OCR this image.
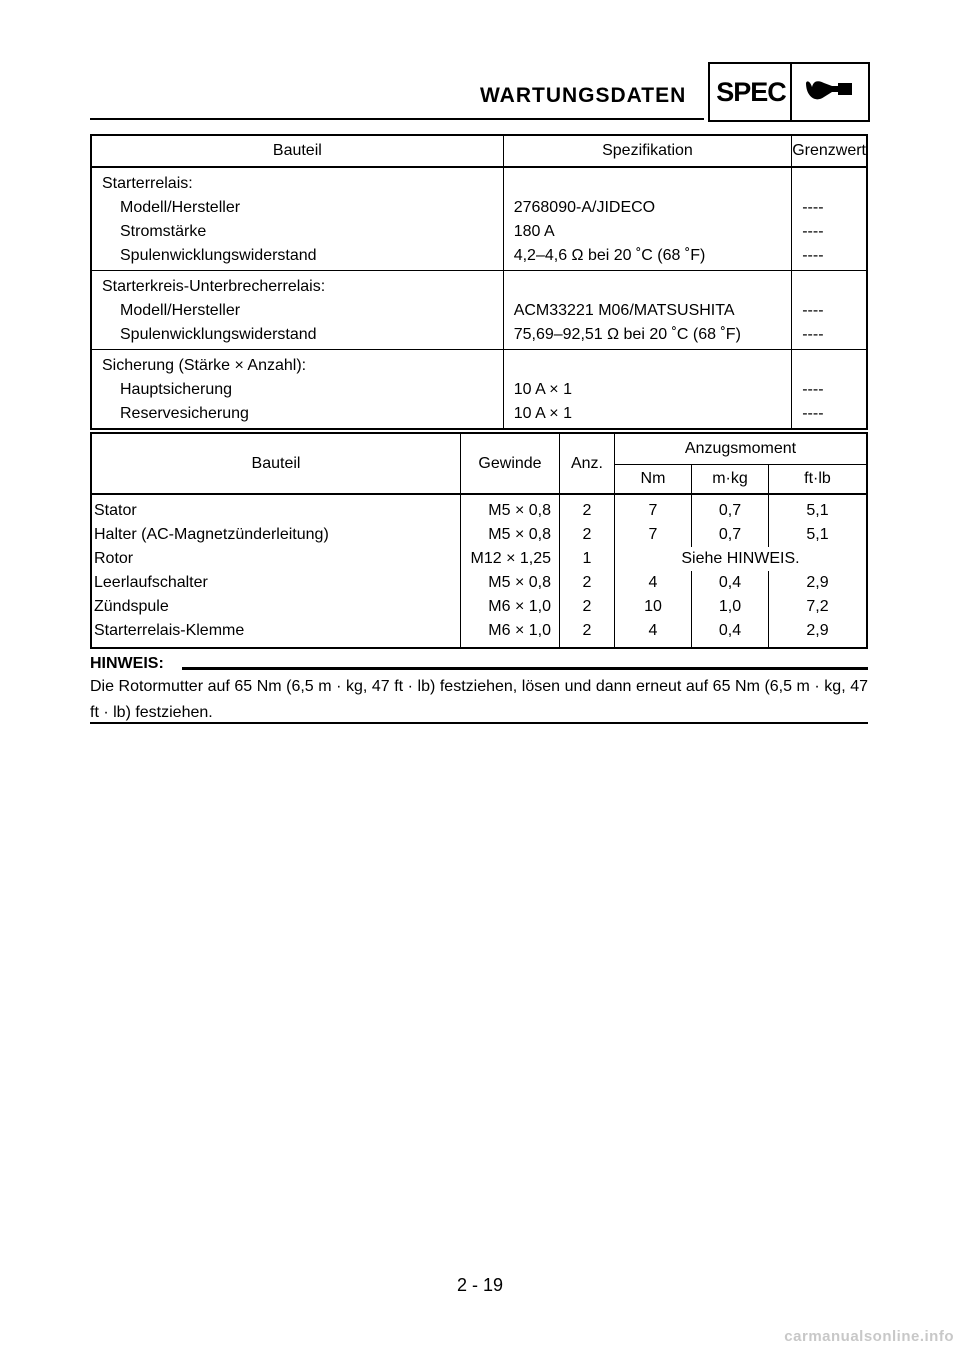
WARTUNGSDATEN	SPEC
Bauteil	Spezifikation	Grenzwert
Starterrelais:		
Modell/Hersteller	2768090-A/JIDECO	----
Stromstärke	180 A	----
Spulenwicklungswiderstand	4,2–4,6 Ω bei 20 ˚C (68 ˚F)	----
Starterkreis-Unterbrecherrelais:		
Modell/Hersteller	ACM33221 M06/MATSUSHITA	----
Spulenwicklungswiderstand	75,69–92,51 Ω bei 20 ˚C (68 ˚F)	----
Sicherung (Stärke × Anzahl):		
Hauptsicherung	10 A × 1	----
Reservesicherung	10 A × 1	----
Bauteil	Gewinde	Anz.	Anzugsmoment		
			Nm	m·kg	ft·lb
Stator	M5 × 0,8	2	7	0,7	5,1
Halter (AC-Magnetzünderleitung)	M5 × 0,8	2	7	0,7	5,1
Rotor	M12 × 1,25	1	Siehe HINWEIS.		
Leerlaufschalter	M5 × 0,8	2	4	0,4	2,9
Zündspule	M6 × 1,0	2	10	1,0	7,2
Starterrelais-Klemme	M6 × 1,0	2	4	0,4	2,9
HINWEIS:
Die Rotormutter auf 65 Nm (6,5 m · kg, 47 ft · lb) festziehen, lösen und dann erneut auf 65 Nm (6,5 m · kg, 47 ft · lb) festziehen.
2 - 19
carmanualsonline.info
